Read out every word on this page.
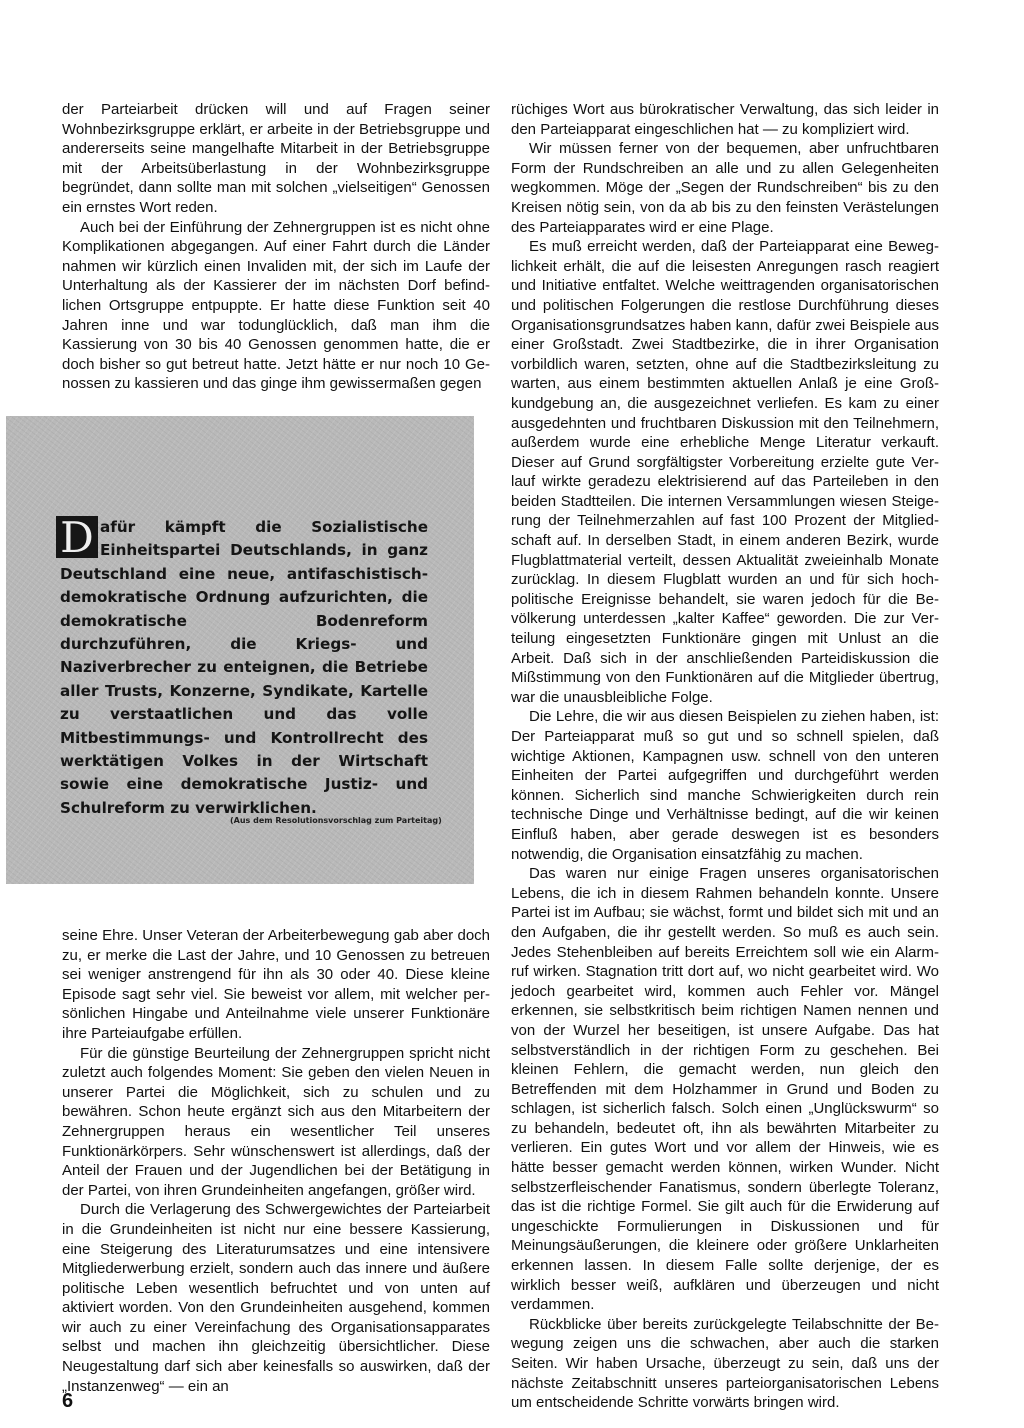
der Parteiarbeit drücken will und auf Fragen seiner Wohnbezirksgruppe erklärt, er arbeite in der Betriebsgruppe und andererseits seine mangelhafte Mitarbeit in der Betriebsgruppe mit der Arbeitsüberlastung in der Wohnbezirksgruppe begründet, dann sollte man mit solchen „vielseitigen“ Genossen ein ernstes Wort reden.

Auch bei der Einführung der Zehnergruppen ist es nicht ohne Komplikationen abgegangen. Auf einer Fahrt durch die Länder nahmen wir kürzlich einen Invaliden mit, der sich im Laufe der Unterhaltung als der Kassierer der im nächsten Dorf befindlichen Ortsgruppe entpuppte. Er hatte diese Funktion seit 40 Jahren inne und war todunglücklich, daß man ihm die Kassierung von 30 bis 40 Genossen genommen hatte, die er doch bisher so gut betreut hatte. Jetzt hätte er nur noch 10 Genossen zu kassieren und das ginge ihm gewissermaßen gegen

D afür kämpft die Sozialistische Einheitspartei Deutschlands, in ganz Deutschland eine neue, antifaschistisch-demokratische Ordnung aufzurichten, die demokratische Bodenreform durchzuführen, die Kriegs- und Naziverbrecher zu enteignen, die Betriebe aller Trusts, Konzerne, Syndikate, Kartelle zu verstaatlichen und das volle Mitbestimmungs- und Kontrollrecht des werktätigen Volkes in der Wirtschaft sowie eine demokratische Justiz- und Schulreform zu verwirklichen.
(Aus dem Resolutionsvorschlag zum Parteitag)

seine Ehre. Unser Veteran der Arbeiterbewegung gab aber doch zu, er merke die Last der Jahre, und 10 Genossen zu betreuen sei weniger anstrengend für ihn als 30 oder 40. Diese kleine Episode sagt sehr viel. Sie beweist vor allem, mit welcher persönlichen Hingabe und Anteilnahme viele unserer Funktionäre ihre Parteiaufgabe erfüllen.

Für die günstige Beurteilung der Zehnergruppen spricht nicht zuletzt auch folgendes Moment: Sie geben den vielen Neuen in unserer Partei die Möglichkeit, sich zu schulen und zu bewähren. Schon heute ergänzt sich aus den Mitarbeitern der Zehnergruppen heraus ein wesentlicher Teil unseres Funktionärkörpers. Sehr wünschenswert ist allerdings, daß der Anteil der Frauen und der Jugendlichen bei der Betätigung in der Partei, von ihren Grundeinheiten angefangen, größer wird.

Durch die Verlagerung des Schwergewichtes der Parteiarbeit in die Grundeinheiten ist nicht nur eine bessere Kassierung, eine Steigerung des Literaturumsatzes und eine intensivere Mitgliederwerbung erzielt, sondern auch das innere und äußere politische Leben wesentlich befruchtet und von unten auf aktiviert worden. Von den Grundeinheiten ausgehend, kommen wir auch zu einer Vereinfachung des Organisationsapparates selbst und machen ihn gleichzeitig übersichtlicher. Diese Neugestaltung darf sich aber keinesfalls so auswirken, daß der „Instanzenweg“ — ein an

rüchiges Wort aus bürokratischer Verwaltung, das sich leider in den Parteiapparat eingeschlichen hat — zu kompliziert wird.

Wir müssen ferner von der bequemen, aber unfruchtbaren Form der Rundschreiben an alle und zu allen Gelegenheiten wegkommen. Möge der „Segen der Rundschreiben“ bis zu den Kreisen nötig sein, von da ab bis zu den feinsten Verästelungen des Parteiapparates wird er eine Plage.

Es muß erreicht werden, daß der Parteiapparat eine Beweglichkeit erhält, die auf die leisesten Anregungen rasch reagiert und Initiative entfaltet. Welche weittragenden organisatorischen und politischen Folgerungen die restlose Durchführung dieses Organisationsgrundsatzes haben kann, dafür zwei Beispiele aus einer Großstadt. Zwei Stadtbezirke, die in ihrer Organisation vorbildlich waren, setzten, ohne auf die Stadtbezirksleitung zu warten, aus einem bestimmten aktuellen Anlaß je eine Großkundgebung an, die ausgezeichnet verliefen. Es kam zu einer ausgedehnten und fruchtbaren Diskussion mit den Teilnehmern, außerdem wurde eine erhebliche Menge Literatur verkauft. Dieser auf Grund sorgfältigster Vorbereitung erzielte gute Verlauf wirkte geradezu elektrisierend auf das Parteileben in den beiden Stadtteilen. Die internen Versammlungen wiesen Steigerung der Teilnehmerzahlen auf fast 100 Prozent der Mitgliedschaft auf. In derselben Stadt, in einem anderen Bezirk, wurde Flugblattmaterial verteilt, dessen Aktualität zweieinhalb Monate zurücklag. In diesem Flugblatt wurden an und für sich hochpolitische Ereignisse behandelt, sie waren jedoch für die Bevölkerung unterdessen „kalter Kaffee“ geworden. Die zur Verteilung eingesetzten Funktionäre gingen mit Unlust an die Arbeit. Daß sich in der anschließenden Parteidiskussion die Mißstimmung von den Funktionären auf die Mitglieder übertrug, war die unausbleibliche Folge.

Die Lehre, die wir aus diesen Beispielen zu ziehen haben, ist: Der Parteiapparat muß so gut und so schnell spielen, daß wichtige Aktionen, Kampagnen usw. schnell von den unteren Einheiten der Partei aufgegriffen und durchgeführt werden können. Sicherlich sind manche Schwierigkeiten durch rein technische Dinge und Verhältnisse bedingt, auf die wir keinen Einfluß haben, aber gerade deswegen ist es besonders notwendig, die Organisation einsatzfähig zu machen.

Das waren nur einige Fragen unseres organisatorischen Lebens, die ich in diesem Rahmen behandeln konnte. Unsere Partei ist im Aufbau; sie wächst, formt und bildet sich mit und an den Aufgaben, die ihr gestellt werden. So muß es auch sein. Jedes Stehenbleiben auf bereits Erreichtem soll wie ein Alarmruf wirken. Stagnation tritt dort auf, wo nicht gearbeitet wird. Wo jedoch gearbeitet wird, kommen auch Fehler vor. Mängel erkennen, sie selbstkritisch beim richtigen Namen nennen und von der Wurzel her beseitigen, ist unsere Aufgabe. Das hat selbstverständlich in der richtigen Form zu geschehen. Bei kleinen Fehlern, die gemacht werden, nun gleich den Betreffenden mit dem Holzhammer in Grund und Boden zu schlagen, ist sicherlich falsch. Solch einen „Unglückswurm“ so zu behandeln, bedeutet oft, ihn als bewährten Mitarbeiter zu verlieren. Ein gutes Wort und vor allem der Hinweis, wie es hätte besser gemacht werden können, wirken Wunder. Nicht selbstzerfleischender Fanatismus, sondern überlegte Toleranz, das ist die richtige Formel. Sie gilt auch für die Erwiderung auf ungeschickte Formulierungen in Diskussionen und für Meinungsäußerungen, die kleinere oder größere Unklarheiten erkennen lassen. In diesem Falle sollte derjenige, der es wirklich besser weiß, aufklären und überzeugen und nicht verdammen.

Rückblicke über bereits zurückgelegte Teilabschnitte der Bewegung zeigen uns die schwachen, aber auch die starken Seiten. Wir haben Ursache, überzeugt zu sein, daß uns der nächste Zeitabschnitt unseres parteiorganisatorischen Lebens um entscheidende Schritte vorwärts bringen wird.

6
